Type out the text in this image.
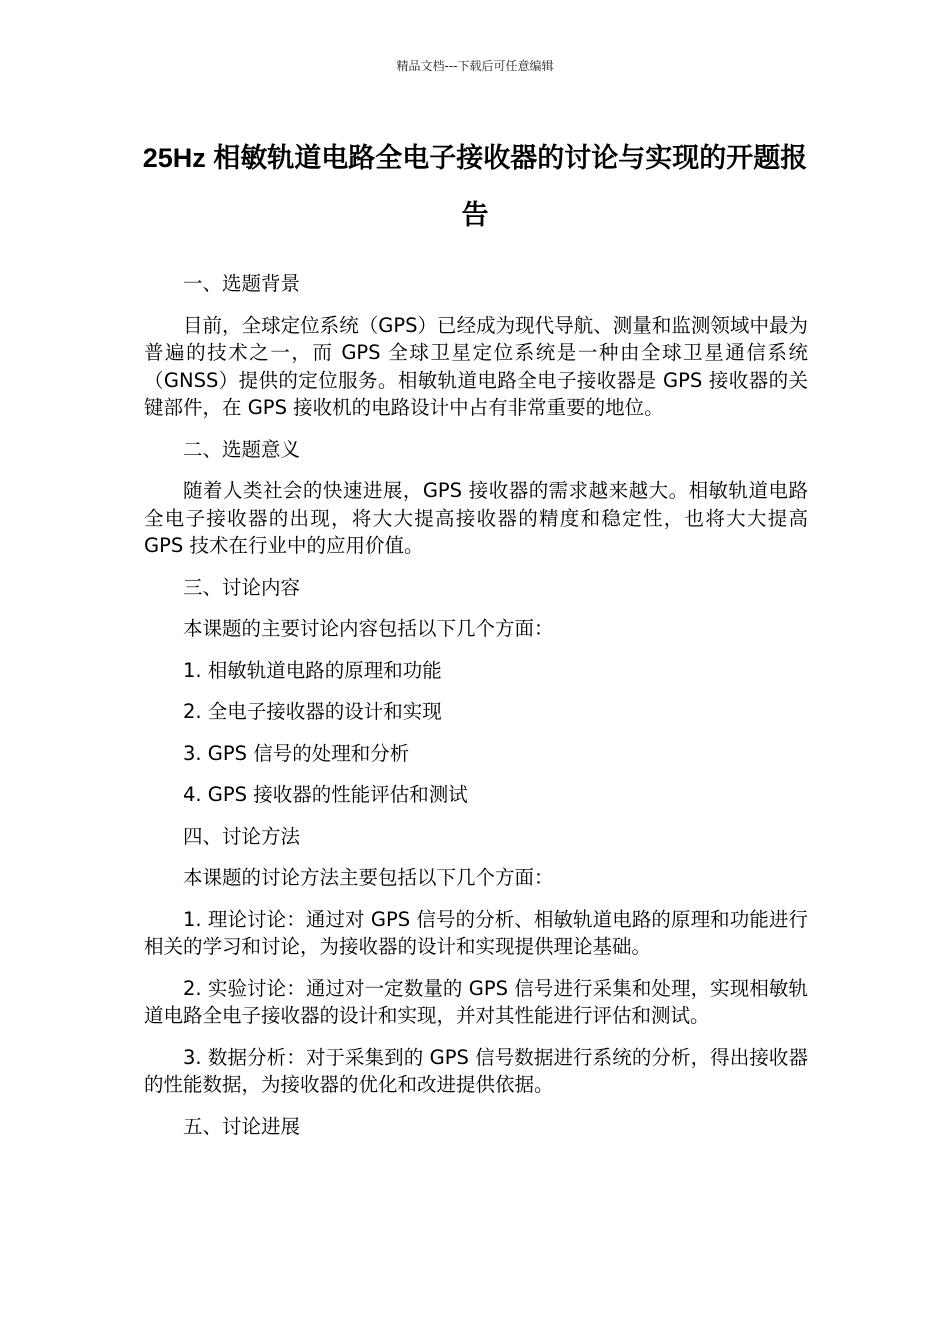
精品文档---下载后可任意编辑
25Hz 相敏轨道电路全电子接收器的讨论与实现的开题报告

一、选题背景

目前，全球定位系统（GPS）已经成为现代导航、测量和监测领域中最为普遍的技术之一，而 GPS 全球卫星定位系统是一种由全球卫星通信系统（GNSS）提供的定位服务。相敏轨道电路全电子接收器是 GPS 接收器的关键部件，在 GPS 接收机的电路设计中占有非常重要的地位。

二、选题意义

随着人类社会的快速进展，GPS 接收器的需求越来越大。相敏轨道电路全电子接收器的出现，将大大提高接收器的精度和稳定性，也将大大提高 GPS 技术在行业中的应用价值。

三、讨论内容

本课题的主要讨论内容包括以下几个方面：

1. 相敏轨道电路的原理和功能

2. 全电子接收器的设计和实现

3. GPS 信号的处理和分析

4. GPS 接收器的性能评估和测试

四、讨论方法

本课题的讨论方法主要包括以下几个方面：

1. 理论讨论：通过对 GPS 信号的分析、相敏轨道电路的原理和功能进行相关的学习和讨论，为接收器的设计和实现提供理论基础。

2. 实验讨论：通过对一定数量的 GPS 信号进行采集和处理，实现相敏轨道电路全电子接收器的设计和实现，并对其性能进行评估和测试。

3. 数据分析：对于采集到的 GPS 信号数据进行系统的分析，得出接收器的性能数据，为接收器的优化和改进提供依据。

五、讨论进展
